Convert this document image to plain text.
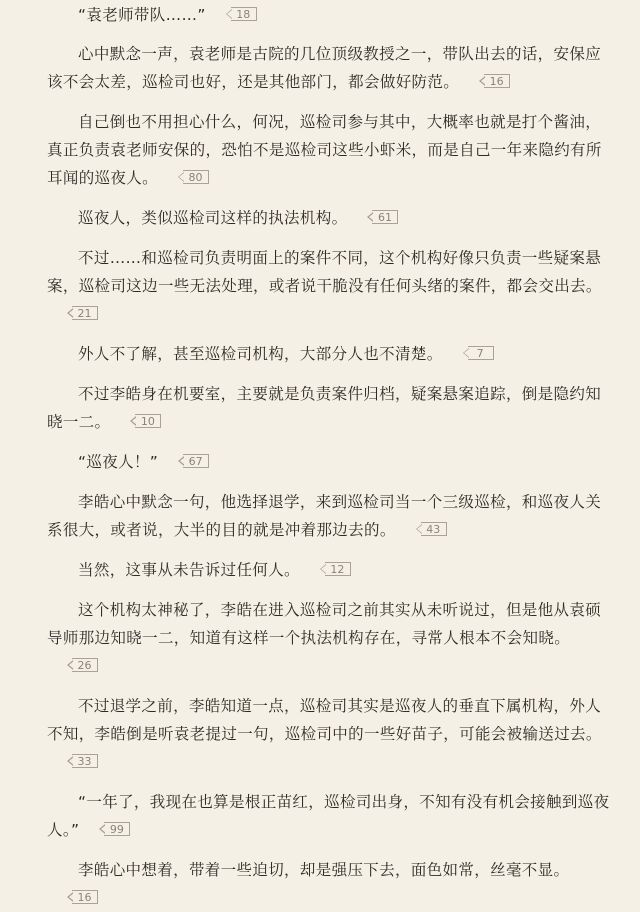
“袁老师带队……”	18

心中默念一声，袁老师是古院的几位顶级教授之一，带队出去的话，安保应该不会太差，巡检司也好，还是其他部门，都会做好防范。	16

自己倒也不用担心什么，何况，巡检司参与其中，大概率也就是打个酱油，真正负责袁老师安保的，恐怕不是巡检司这些小虾米，而是自己一年来隐约有所耳闻的巡夜人。	80

巡夜人，类似巡检司这样的执法机构。	61

不过……和巡检司负责明面上的案件不同，这个机构好像只负责一些疑案悬案，巡检司这边一些无法处理，或者说干脆没有任何头绪的案件，都会交出去。
21

外人不了解，甚至巡检司机构，大部分人也不清楚。	7

不过李皓身在机要室，主要就是负责案件归档，疑案悬案追踪，倒是隐约知晓一二。	10

“巡夜人！”	67

李皓心中默念一句，他选择退学，来到巡检司当一个三级巡检，和巡夜人关系很大，或者说，大半的目的就是冲着那边去的。	43

当然，这事从未告诉过任何人。	12

这个机构太神秘了，李皓在进入巡检司之前其实从未听说过，但是他从袁硕导师那边知晓一二，知道有这样一个执法机构存在，寻常人根本不会知晓。
26

不过退学之前，李皓知道一点，巡检司其实是巡夜人的垂直下属机构，外人不知，李皓倒是听袁老提过一句，巡检司中的一些好苗子，可能会被输送过去。
33

“一年了，我现在也算是根正苗红，巡检司出身，不知有没有机会接触到巡夜人。”	99

李皓心中想着，带着一些迫切，却是强压下去，面色如常，丝毫不显。
16
